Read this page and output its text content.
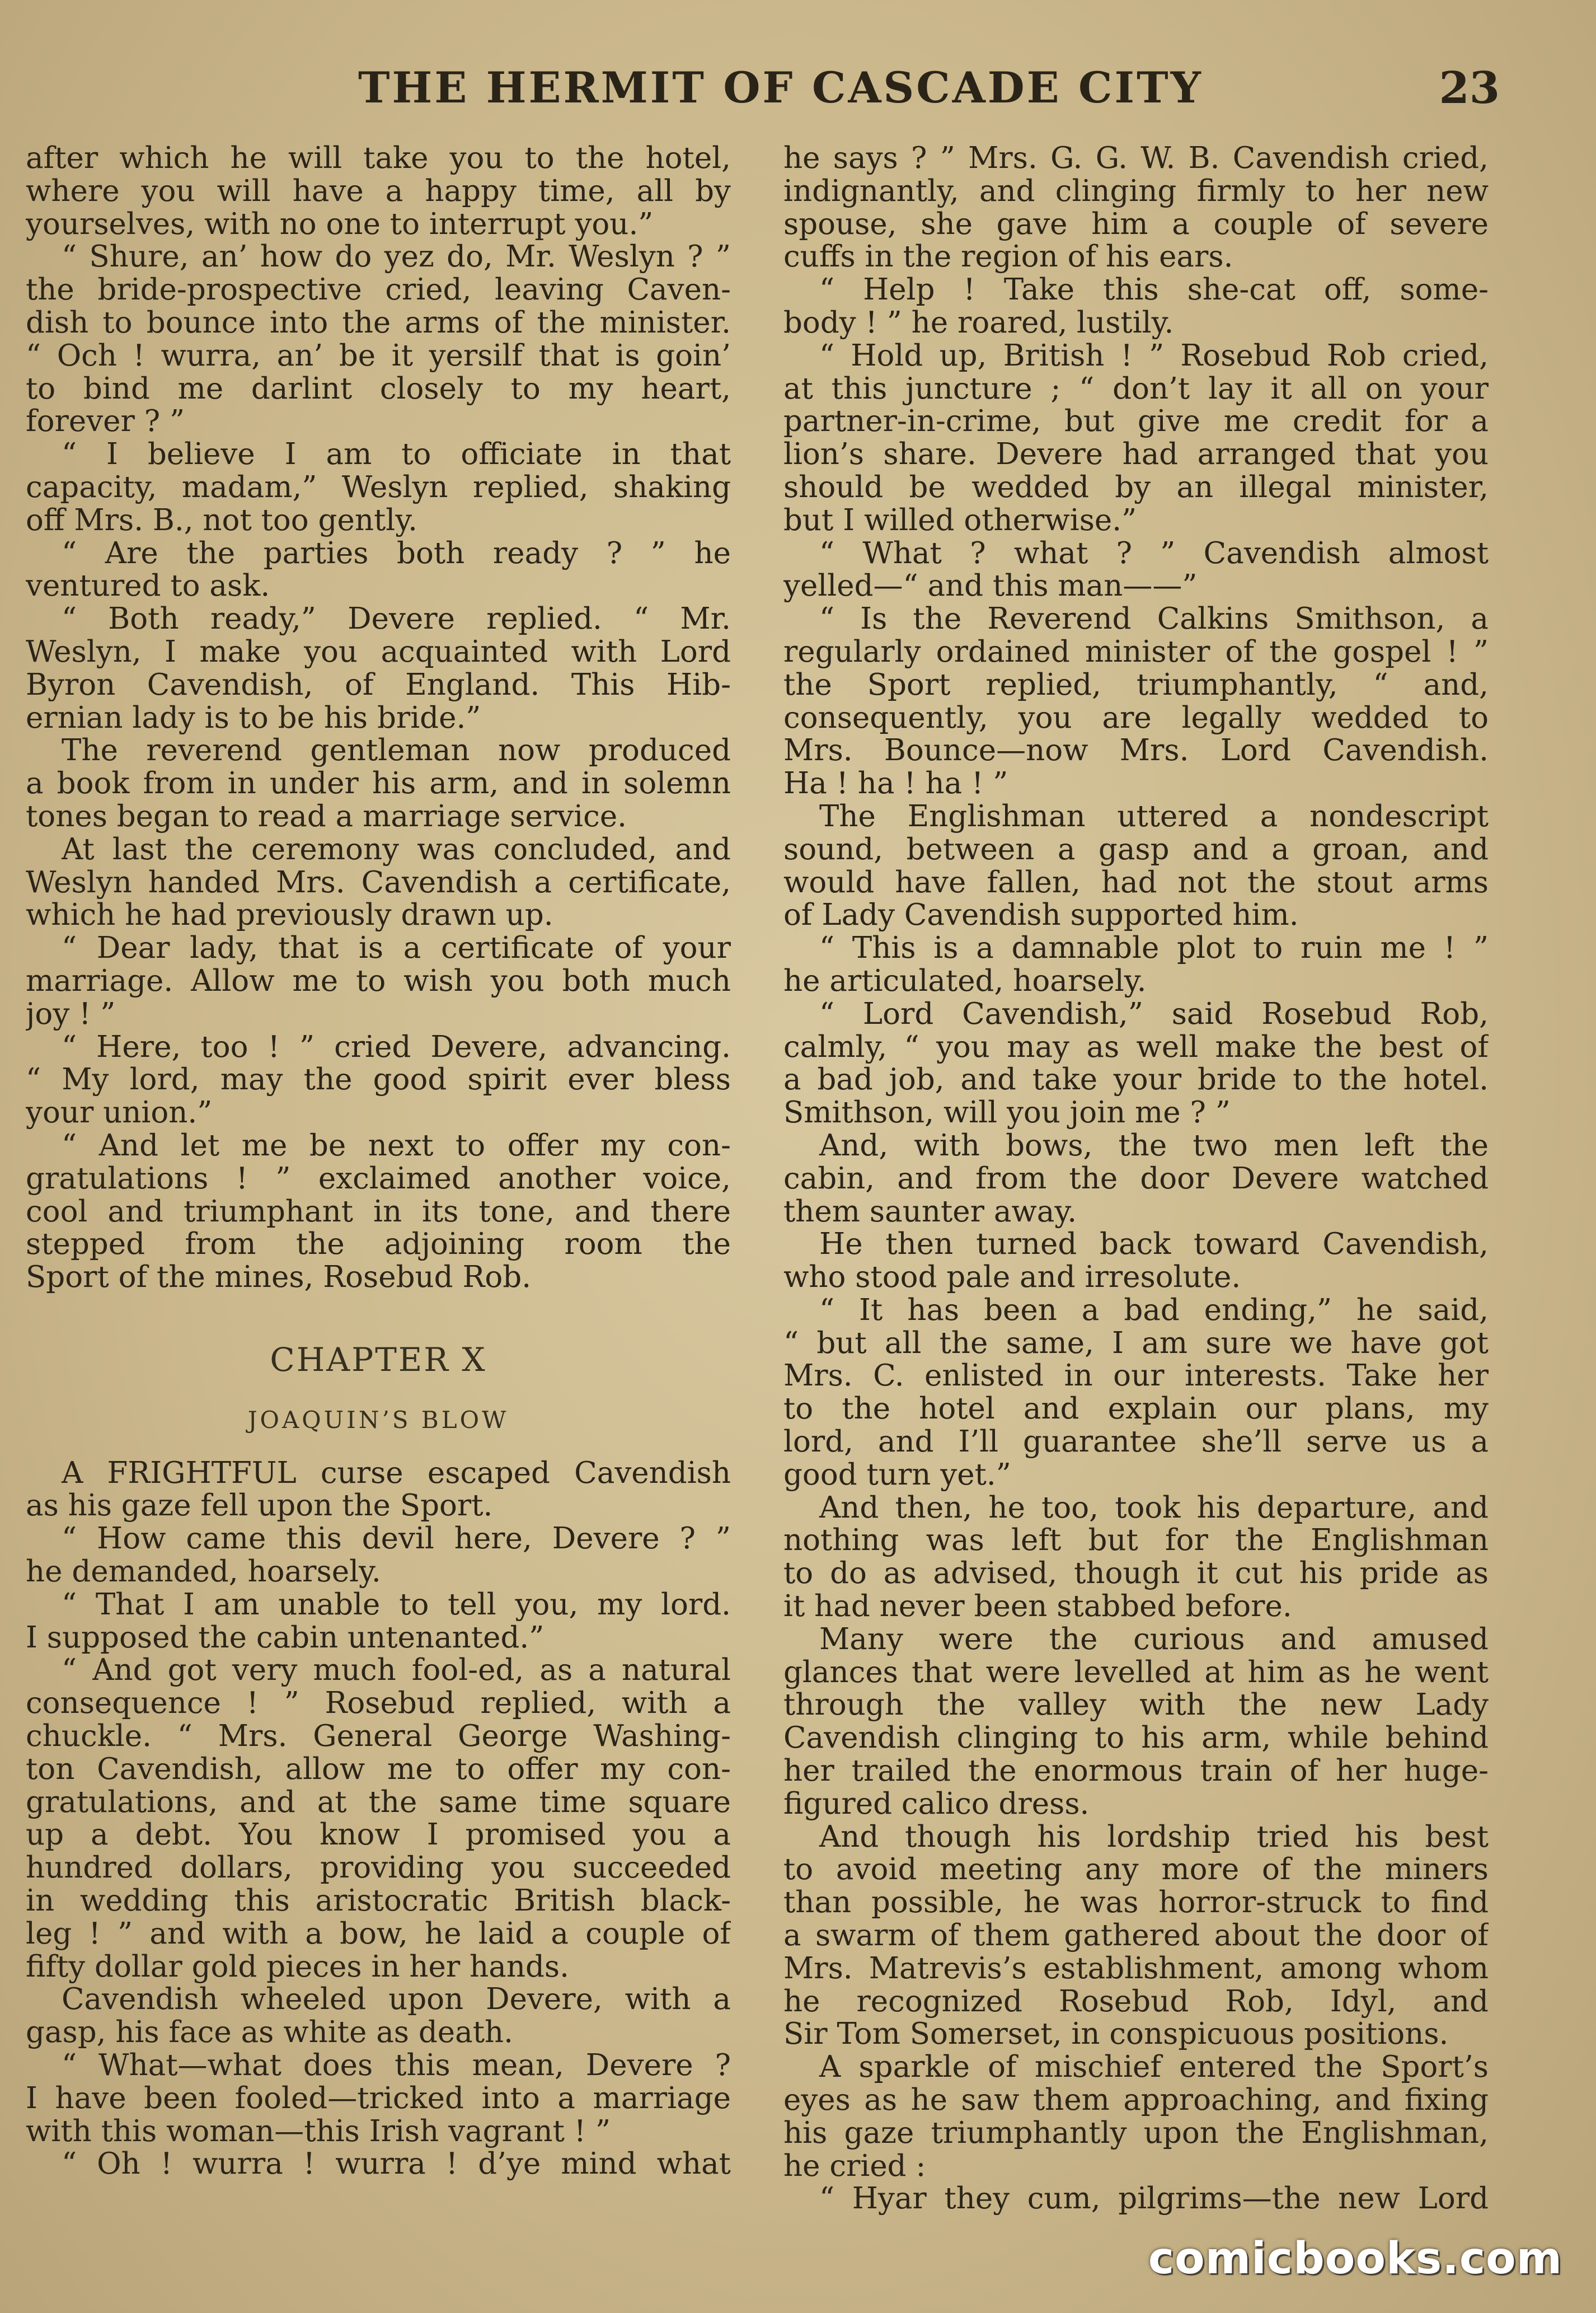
THE HERMIT OF CASCADE CITY	23
after which he will take you to the hotel,
where you will have a happy time, all by
yourselves, with no one to interrupt you.”
“ Shure, an’ how do yez do, Mr. Weslyn ? ”
the bride-prospective cried, leaving Caven-
dish to bounce into the arms of the minister.
“ Och ! wurra, an’ be it yersilf that is goin’
to bind me darlint closely to my heart,
forever ? ”
“ I believe I am to officiate in that
capacity, madam,” Weslyn replied, shaking
off Mrs. B., not too gently.
“ Are the parties both ready ? ” he
ventured to ask.
“ Both ready,” Devere replied. “ Mr.
Weslyn, I make you acquainted with Lord
Byron Cavendish, of England. This Hib-
ernian lady is to be his bride.”
The reverend gentleman now produced
a book from in under his arm, and in solemn
tones began to read a marriage service.
At last the ceremony was concluded, and
Weslyn handed Mrs. Cavendish a certificate,
which he had previously drawn up.
“ Dear lady, that is a certificate of your
marriage. Allow me to wish you both much
joy ! ”
“ Here, too ! ” cried Devere, advancing.
“ My lord, may the good spirit ever bless
your union.”
“ And let me be next to offer my con-
gratulations ! ” exclaimed another voice,
cool and triumphant in its tone, and there
stepped from the adjoining room the
Sport of the mines, Rosebud Rob.
CHAPTER X
JOAQUIN’S BLOW
A FRIGHTFUL curse escaped Cavendish
as his gaze fell upon the Sport.
“ How came this devil here, Devere ? ”
he demanded, hoarsely.
“ That I am unable to tell you, my lord.
I supposed the cabin untenanted.”
“ And got very much fool-ed, as a natural
consequence ! ” Rosebud replied, with a
chuckle. “ Mrs. General George Washing-
ton Cavendish, allow me to offer my con-
gratulations, and at the same time square
up a debt. You know I promised you a
hundred dollars, providing you succeeded
in wedding this aristocratic British black-
leg ! ” and with a bow, he laid a couple of
fifty dollar gold pieces in her hands.
Cavendish wheeled upon Devere, with a
gasp, his face as white as death.
“ What—what does this mean, Devere ?
I have been fooled—tricked into a marriage
with this woman—this Irish vagrant ! ”
“ Oh ! wurra ! wurra ! d’ye mind what
he says ? ” Mrs. G. G. W. B. Cavendish cried,
indignantly, and clinging firmly to her new
spouse, she gave him a couple of severe
cuffs in the region of his ears.
“ Help ! Take this she-cat off, some-
body ! ” he roared, lustily.
“ Hold up, British ! ” Rosebud Rob cried,
at this juncture ; “ don’t lay it all on your
partner-in-crime, but give me credit for a
lion’s share. Devere had arranged that you
should be wedded by an illegal minister,
but I willed otherwise.”
“ What ? what ? ” Cavendish almost
yelled—“ and this man——”
“ Is the Reverend Calkins Smithson, a
regularly ordained minister of the gospel ! ”
the Sport replied, triumphantly, “ and,
consequently, you are legally wedded to
Mrs. Bounce—now Mrs. Lord Cavendish.
Ha ! ha ! ha ! ”
The Englishman uttered a nondescript
sound, between a gasp and a groan, and
would have fallen, had not the stout arms
of Lady Cavendish supported him.
“ This is a damnable plot to ruin me ! ”
he articulated, hoarsely.
“ Lord Cavendish,” said Rosebud Rob,
calmly, “ you may as well make the best of
a bad job, and take your bride to the hotel.
Smithson, will you join me ? ”
And, with bows, the two men left the
cabin, and from the door Devere watched
them saunter away.
He then turned back toward Cavendish,
who stood pale and irresolute.
“ It has been a bad ending,” he said,
“ but all the same, I am sure we have got
Mrs. C. enlisted in our interests. Take her
to the hotel and explain our plans, my
lord, and I’ll guarantee she’ll serve us a
good turn yet.”
And then, he too, took his departure, and
nothing was left but for the Englishman
to do as advised, though it cut his pride as
it had never been stabbed before.
Many were the curious and amused
glances that were levelled at him as he went
through the valley with the new Lady
Cavendish clinging to his arm, while behind
her trailed the enormous train of her huge-
figured calico dress.
And though his lordship tried his best
to avoid meeting any more of the miners
than possible, he was horror-struck to find
a swarm of them gathered about the door of
Mrs. Matrevis’s establishment, among whom
he recognized Rosebud Rob, Idyl, and
Sir Tom Somerset, in conspicuous positions.
A sparkle of mischief entered the Sport’s
eyes as he saw them approaching, and fixing
his gaze triumphantly upon the Englishman,
he cried :
“ Hyar they cum, pilgrims—the new Lord
comicbooks.com
